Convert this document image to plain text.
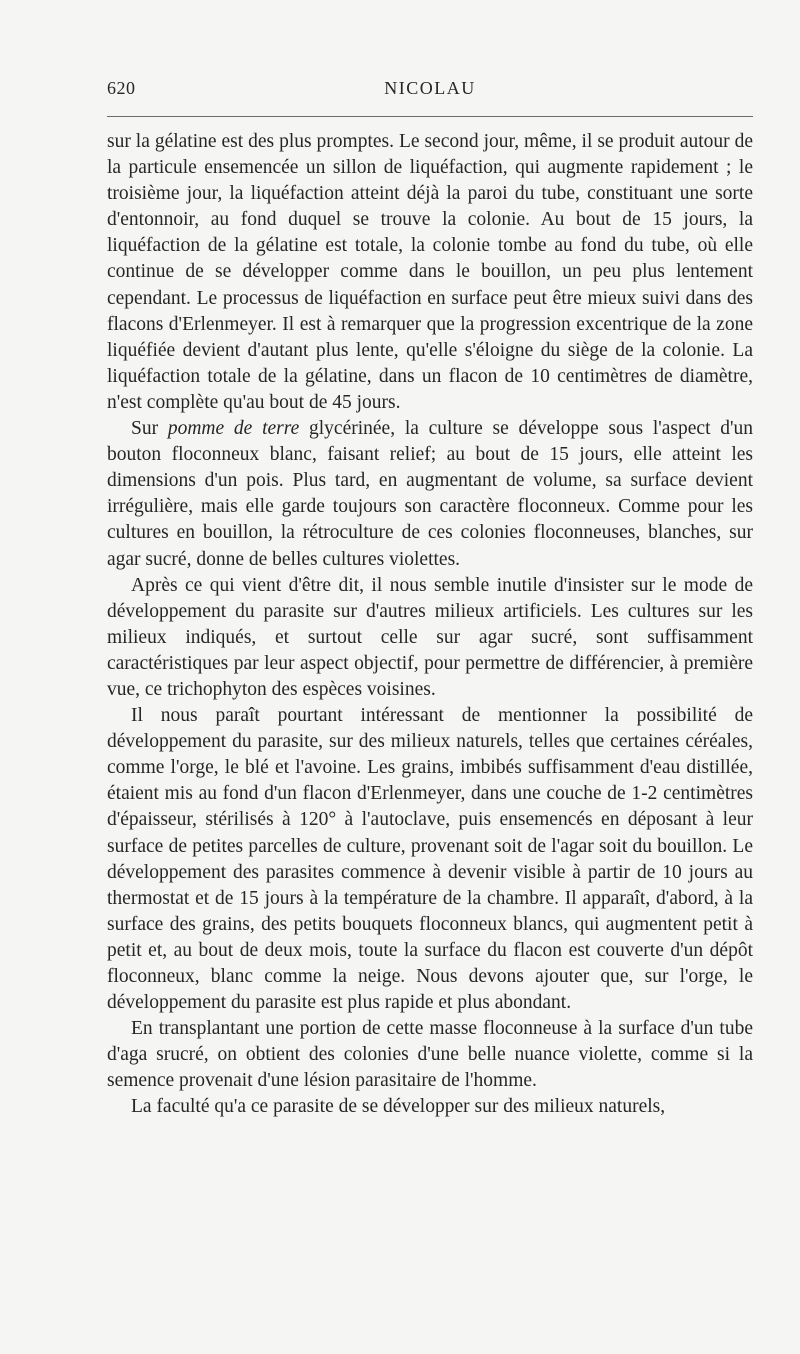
620	NICOLAU

sur la gélatine est des plus promptes. Le second jour, même, il se produit autour de la particule ensemencée un sillon de liquéfaction, qui augmente rapidement ; le troisième jour, la liquéfaction atteint déjà la paroi du tube, constituant une sorte d'entonnoir, au fond duquel se trouve la colonie. Au bout de 15 jours, la liquéfaction de la gélatine est totale, la colonie tombe au fond du tube, où elle continue de se développer comme dans le bouillon, un peu plus lentement cependant. Le processus de liquéfaction en surface peut être mieux suivi dans des flacons d'Erlenmeyer. Il est à remarquer que la progression excentrique de la zone liquéfiée devient d'autant plus lente, qu'elle s'éloigne du siège de la colonie. La liquéfaction totale de la gélatine, dans un flacon de 10 centimètres de diamètre, n'est complète qu'au bout de 45 jours.

Sur pomme de terre glycérinée, la culture se développe sous l'aspect d'un bouton floconneux blanc, faisant relief; au bout de 15 jours, elle atteint les dimensions d'un pois. Plus tard, en augmentant de volume, sa surface devient irrégulière, mais elle garde toujours son caractère floconneux. Comme pour les cultures en bouillon, la rétroculture de ces colonies floconneuses, blanches, sur agar sucré, donne de belles cultures violettes.

Après ce qui vient d'être dit, il nous semble inutile d'insister sur le mode de développement du parasite sur d'autres milieux artificiels. Les cultures sur les milieux indiqués, et surtout celle sur agar sucré, sont suffisamment caractéristiques par leur aspect objectif, pour permettre de différencier, à première vue, ce trichophyton des espèces voisines.

Il nous paraît pourtant intéressant de mentionner la possibilité de développement du parasite, sur des milieux naturels, telles que certaines céréales, comme l'orge, le blé et l'avoine. Les grains, imbibés suffisamment d'eau distillée, étaient mis au fond d'un flacon d'Erlenmeyer, dans une couche de 1-2 centimètres d'épaisseur, stérilisés à 120° à l'autoclave, puis ensemencés en déposant à leur surface de petites parcelles de culture, provenant soit de l'agar soit du bouillon. Le développement des parasites commence à devenir visible à partir de 10 jours au thermostat et de 15 jours à la température de la chambre. Il apparaît, d'abord, à la surface des grains, des petits bouquets floconneux blancs, qui augmentent petit à petit et, au bout de deux mois, toute la surface du flacon est couverte d'un dépôt floconneux, blanc comme la neige. Nous devons ajouter que, sur l'orge, le développement du parasite est plus rapide et plus abondant.

En transplantant une portion de cette masse floconneuse à la surface d'un tube d'aga srucré, on obtient des colonies d'une belle nuance violette, comme si la semence provenait d'une lésion parasitaire de l'homme.

La faculté qu'a ce parasite de se développer sur des milieux naturels,
